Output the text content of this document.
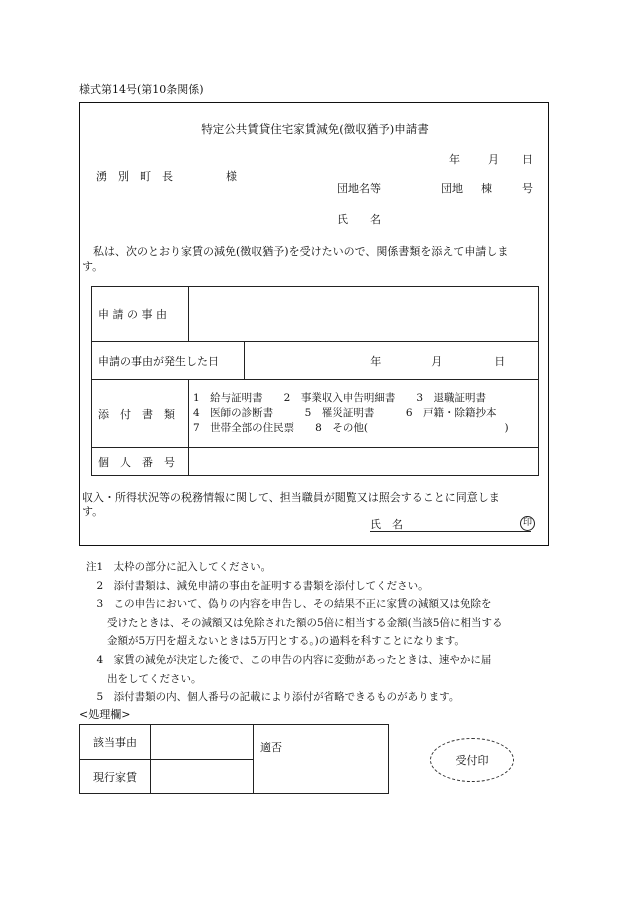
様式第14号(第10条関係)
特定公共賃貸住宅家賃減免(徴収猶予)申請書
年	月 日
湧　別　町　長	様
団地名等	団地 棟	号
氏　　名
　私は、次のとおり家賃の減免(徴収猶予)を受けたいので、関係書類を添えて申請しま
す。
申 請 の 事 由		
申請の事由が発生した日		年 月 日
添　付　書　類	1　給与証明書　　2　事業収入申告明細書　　3　退職証明書
4　医師の診断書　　　5　罹災証明書　　　6　戸籍・除籍抄本
7　世帯全部の住民票　　8　その他(　　　　　　　　　　　　　)	

個　人　番　号		
収入・所得状況等の税務情報に関して、担当職員が閲覧又は照会することに同意しま
す。
氏　名	印
注1　太枠の部分に記入してください。
　2　添付書類は、減免申請の事由を証明する書類を添付してください。
　3　この申告において、偽りの内容を申告し、その結果不正に家賃の減額又は免除を
　　受けたときは、その減額又は免除された額の5倍に相当する金額(当該5倍に相当する
　　金額が5万円を超えないときは5万円とする。)の過料を科すことになります。
　4　家賃の減免が決定した後で、この申告の内容に変動があったときは、速やかに届
　　出をしてください。
　5　添付書類の内、個人番号の記載により添付が省略できるものがあります。
<処理欄>
該当事由		適否
現行家賃		
受付印
